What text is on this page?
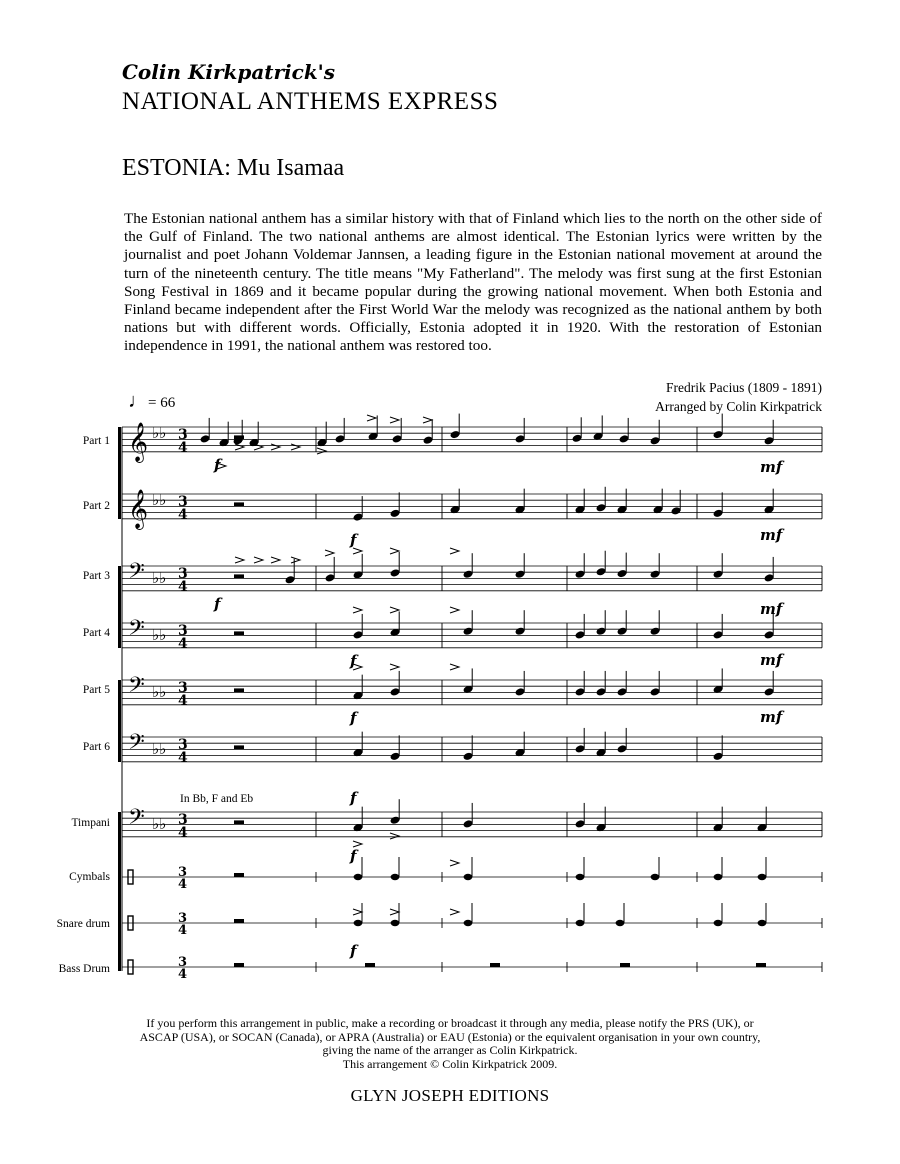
Colin Kirkpatrick's
NATIONAL ANTHEMS EXPRESS
ESTONIA: Mu Isamaa
The Estonian national anthem has a similar history with that of Finland which lies to the north on the other side of the Gulf of Finland. The two national anthems are almost identical. The Estonian lyrics were written by the journalist and poet Johann Voldemar Jannsen, a leading figure in the Estonian national movement at around the turn of the nineteenth century. The title means "My Fatherland". The melody was first sung at the first Estonian Song Festival in 1869 and it became popular during the growing national movement. When both Estonia and Finland became independent after the First World War the melody was recognized as the national anthem by both nations but with different words. Officially, Estonia adopted it in 1920. With the restoration of Estonian independence in 1991, the national anthem was restored too.
♩= 66
Fredrik Pacius (1809 - 1891)
Arranged by Colin Kirkpatrick
Part 1
Part 2
Part 3
Part 4
Part 5
Part 6
Timpani
Cymbals
Snare drum
Bass Drum
In Bb, F and Eb
𝄞 ♭♭ 3
4
𝄞 ♭♭ 3
4
𝄢 ♭♭ 3
4
𝄢 ♭♭ 3
4
𝄢 ♭♭ 3
4
𝄢 ♭♭ 3
4
𝄢 ♭♭ 3
4
3
4
3
4
3
4
f	mf
f	mf
f	mf
f	mf
f	mf
f
f
f
If you perform this arrangement in public, make a recording or broadcast it through any media, please notify the PRS (UK), or ASCAP (USA), or SOCAN (Canada), or APRA (Australia) or EAU (Estonia) or the equivalent organisation in your own country, giving the name of the arranger as Colin Kirkpatrick.
This arrangement © Colin Kirkpatrick 2009.
GLYN JOSEPH EDITIONS
